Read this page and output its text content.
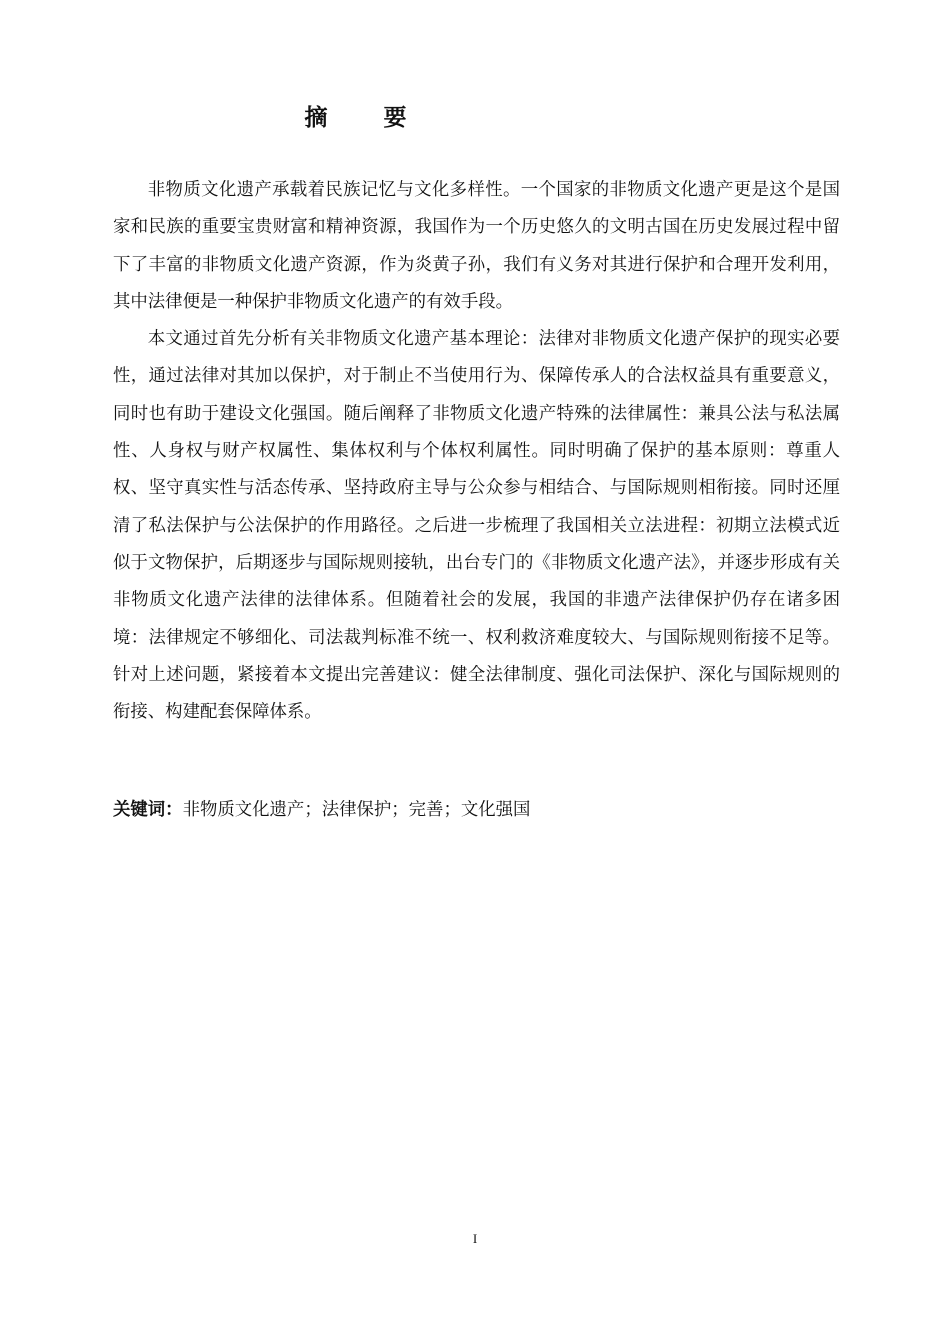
摘 要

非物质文化遗产承载着民族记忆与文化多样性。一个国家的非物质文化遗产更是这个是国家和民族的重要宝贵财富和精神资源，我国作为一个历史悠久的文明古国在历史发展过程中留下了丰富的非物质文化遗产资源，作为炎黄子孙，我们有义务对其进行保护和合理开发利用，其中法律便是一种保护非物质文化遗产的有效手段。

本文通过首先分析有关非物质文化遗产基本理论：法律对非物质文化遗产保护的现实必要性，通过法律对其加以保护，对于制止不当使用行为、保障传承人的合法权益具有重要意义，同时也有助于建设文化强国。随后阐释了非物质文化遗产特殊的法律属性：兼具公法与私法属性、人身权与财产权属性、集体权利与个体权利属性。同时明确了保护的基本原则：尊重人权、坚守真实性与活态传承、坚持政府主导与公众参与相结合、与国际规则相衔接。同时还厘清了私法保护与公法保护的作用路径。之后进一步梳理了我国相关立法进程：初期立法模式近似于文物保护，后期逐步与国际规则接轨，出台专门的《非物质文化遗产法》，并逐步形成有关非物质文化遗产法律的法律体系。但随着社会的发展，我国的非遗产法律保护仍存在诸多困境：法律规定不够细化、司法裁判标准不统一、权利救济难度较大、与国际规则衔接不足等。针对上述问题，紧接着本文提出完善建议：健全法律制度、强化司法保护、深化与国际规则的衔接、构建配套保障体系。

关键词：非物质文化遗产；法律保护；完善；文化强国
I
